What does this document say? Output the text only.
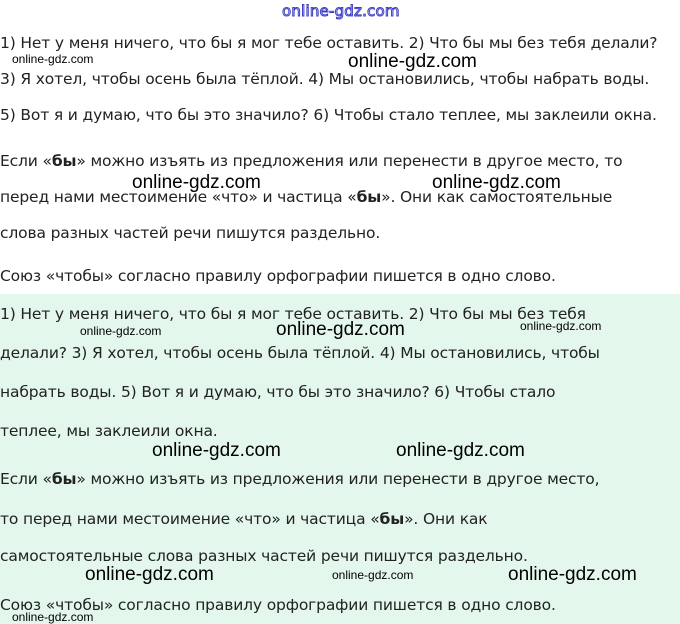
online-gdz.com
1) Нет у меня ничего, что бы я мог тебе оставить. 2) Что бы мы без тебя делали?
3) Я хотел, чтобы осень была тёплой. 4) Мы остановились, чтобы набрать воды.
5) Вот я и думаю, что бы это значило? 6) Чтобы стало теплее, мы заклеили окна.
Если «бы» можно изъять из предложения или перенести в другое место, то
перед нами местоимение «что» и частица «бы». Они как самостоятельные
слова разных частей речи пишутся раздельно.
Союз «чтобы» согласно правилу орфографии пишется в одно слово.
1) Нет у меня ничего, что бы я мог тебе оставить. 2) Что бы мы без тебя
делали? 3) Я хотел, чтобы осень была тёплой. 4) Мы остановились, чтобы
набрать воды. 5) Вот я и думаю, что бы это значило? 6) Чтобы стало
теплее, мы заклеили окна.
Если «бы» можно изъять из предложения или перенести в другое место,
то перед нами местоимение «что» и частица «бы». Они как
самостоятельные слова разных частей речи пишутся раздельно.
Союз «чтобы» согласно правилу орфографии пишется в одно слово.
online-gdz.com	online-gdz.com
online-gdz.com	online-gdz.com
online-gdz.com	online-gdz.com	online-gdz.com
online-gdz.com	online-gdz.com
online-gdz.com	online-gdz.com	online-gdz.com
online-gdz.com
